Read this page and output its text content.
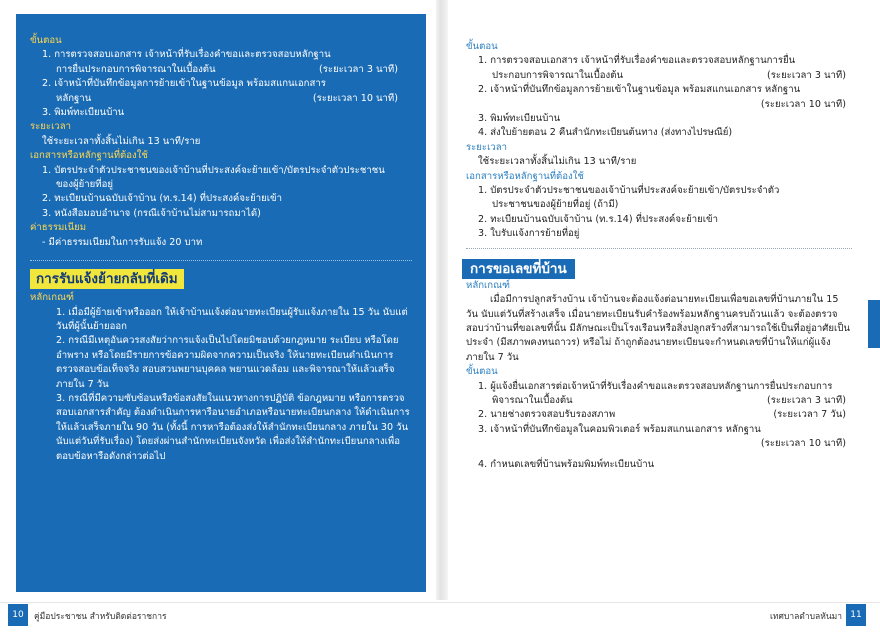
ขั้นตอน
1. การตรวจสอบเอกสาร เจ้าหน้าที่รับเรื่องคำขอและตรวจสอบหลักฐาน
การยื่นประกอบการพิจารณาในเบื้องต้น	(ระยะเวลา 3 นาที)
2. เจ้าหน้าที่บันทึกข้อมูลการย้ายเข้าในฐานข้อมูล พร้อมสแกนเอกสาร
หลักฐาน	(ระยะเวลา 10 นาที)
3. พิมพ์ทะเบียนบ้าน
ระยะเวลา
ใช้ระยะเวลาทั้งสิ้นไม่เกิน 13 นาที/ราย
เอกสารหรือหลักฐานที่ต้องใช้
1. บัตรประจำตัวประชาชนของเจ้าบ้านที่ประสงค์จะย้ายเข้า/บัตรประจำตัวประชาชน
ของผู้ย้ายที่อยู่
2. ทะเบียนบ้านฉบับเจ้าบ้าน (ท.ร.14) ที่ประสงค์จะย้ายเข้า
3. หนังสือมอบอำนาจ (กรณีเจ้าบ้านไม่สามารถมาได้)
ค่าธรรมเนียม
- มีค่าธรรมเนียมในการรับแจ้ง 20 บาท
การรับแจ้งย้ายกลับที่เดิม
หลักเกณฑ์
1. เมื่อมีผู้ย้ายเข้าหรือออก ให้เจ้าบ้านแจ้งต่อนายทะเบียนผู้รับแจ้งภายใน 15 วัน นับแต่วันที่ผู้นั้นย้ายออก
2. กรณีมีเหตุอันควรสงสัยว่าการแจ้งเป็นไปโดยมิชอบด้วยกฎหมาย ระเบียบ หรือโดยอำพราง หรือโดยมีรายการข้อความผิดจากความเป็นจริง ให้นายทะเบียนดำเนินการตรวจสอบข้อเท็จจริง สอบสวนพยานบุคคล พยานแวดล้อม และพิจารณาให้แล้วเสร็จ ภายใน 7 วัน
3. กรณีที่มีความซับซ้อนหรือข้อสงสัยในแนวทางการปฏิบัติ ข้อกฎหมาย หรือการตรวจสอบเอกสารสำคัญ ต้องดำเนินการหารือนายอำเภอหรือนายทะเบียนกลาง ให้ดำเนินการให้แล้วเสร็จภายใน 90 วัน (ทั้งนี้ การหารือต้องส่งให้สำนักทะเบียนกลาง ภายใน 30 วัน นับแต่วันที่รับเรื่อง) โดยส่งผ่านสำนักทะเบียนจังหวัด เพื่อส่งให้สำนักทะเบียนกลางเพื่อตอบข้อหารือดังกล่าวต่อไป
ขั้นตอน
1. การตรวจสอบเอกสาร เจ้าหน้าที่รับเรื่องคำขอและตรวจสอบหลักฐานการยื่น
ประกอบการพิจารณาในเบื้องต้น	(ระยะเวลา 3 นาที)
2. เจ้าหน้าที่บันทึกข้อมูลการย้ายเข้าในฐานข้อมูล พร้อมสแกนเอกสาร หลักฐาน

(ระยะเวลา 10 นาที)
3. พิมพ์ทะเบียนบ้าน
4. ส่งใบย้ายตอน 2 คืนสำนักทะเบียนต้นทาง (ส่งทางไปรษณีย์)
ระยะเวลา
ใช้ระยะเวลาทั้งสิ้นไม่เกิน 13 นาที/ราย
เอกสารหรือหลักฐานที่ต้องใช้
1. บัตรประจำตัวประชาชนของเจ้าบ้านที่ประสงค์จะย้ายเข้า/บัตรประจำตัว
ประชาชนของผู้ย้ายที่อยู่ (ถ้ามี)
2. ทะเบียนบ้านฉบับเจ้าบ้าน (ท.ร.14) ที่ประสงค์จะย้ายเข้า
3. ใบรับแจ้งการย้ายที่อยู่
การขอเลขที่บ้าน
หลักเกณฑ์
เมื่อมีการปลูกสร้างบ้าน เจ้าบ้านจะต้องแจ้งต่อนายทะเบียนเพื่อขอเลขที่บ้านภายใน 15 วัน นับแต่วันที่สร้างเสร็จ เมื่อนายทะเบียนรับคำร้องพร้อมหลักฐานครบถ้วนแล้ว จะต้องตรวจสอบว่าบ้านที่ขอเลขที่นั้น มีลักษณะเป็นโรงเรือนหรือสิ่งปลูกสร้างที่สามารถใช้เป็นที่อยู่อาศัยเป็นประจำ (มีสภาพคงทนถาวร) หรือไม่ ถ้าถูกต้องนายทะเบียนจะกำหนดเลขที่บ้านให้แก่ผู้แจ้งภายใน 7 วัน
ขั้นตอน
1. ผู้แจ้งยื่นเอกสารต่อเจ้าหน้าที่รับเรื่องคำขอและตรวจสอบหลักฐานการยื่นประกอบการ
พิจารณาในเบื้องต้น	(ระยะเวลา 3 นาที)
2. นายช่างตรวจสอบรับรองสภาพ	(ระยะเวลา 7 วัน)
3. เจ้าหน้าที่บันทึกข้อมูลในคอมพิวเตอร์ พร้อมสแกนเอกสาร หลักฐาน

(ระยะเวลา 10 นาที)
4. กำหนดเลขที่บ้านพร้อมพิมพ์ทะเบียนบ้าน
10	คู่มือประชาชน สำหรับติดต่อราชการ	เทศบาลตำบลหันมา 11
